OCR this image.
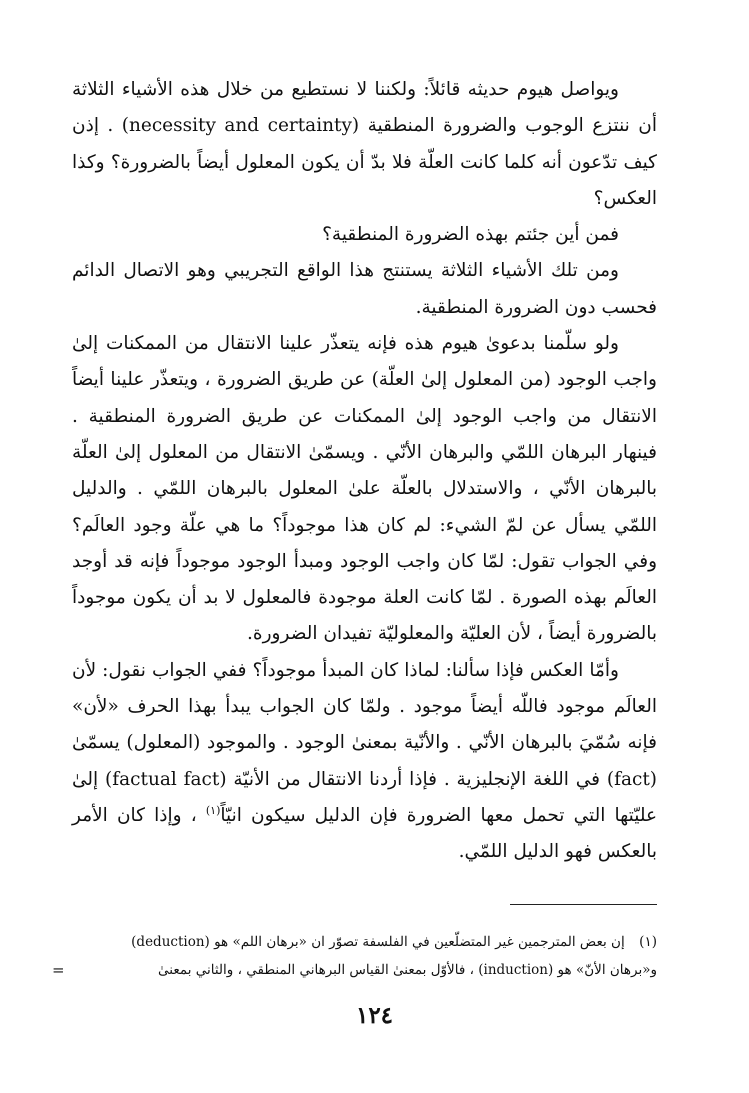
ويواصل هيوم حديثه قائلاً: ولكننا لا نستطيع من خلال هذه الأشياء الثلاثة أن ننتزع الوجوب والضرورة المنطقية (necessity and certainty) . إذن كيف تدّعون أنه كلما كانت العلّة فلا بدّ أن يكون المعلول أيضاً بالضرورة؟ وكذا العكس؟

فمن أين جئتم بهذه الضرورة المنطقية؟

ومن تلك الأشياء الثلاثة يستنتج هذا الواقع التجريبي وهو الاتصال الدائم فحسب دون الضرورة المنطقية.

ولو سلّمنا بدعوىٰ هيوم هذه فإنه يتعذّر علينا الانتقال من الممكنات إلىٰ واجب الوجود (من المعلول إلىٰ العلّة) عن طريق الضرورة ، ويتعذّر علينا أيضاً الانتقال من واجب الوجود إلىٰ الممكنات عن طريق الضرورة المنطقية . فينهار البرهان اللمّي والبرهان الأنّي . ويسمّىٰ الانتقال من المعلول إلىٰ العلّة بالبرهان الأنّي ، والاستدلال بالعلّة علىٰ المعلول بالبرهان اللمّي . والدليل اللمّي يسأل عن لمّ الشيء: لم كان هذا موجوداً؟ ما هي علّة وجود العالَم؟ وفي الجواب تقول: لمّا كان واجب الوجود ومبدأ الوجود موجوداً فإنه قد أوجد العالَم بهذه الصورة . لمّا كانت العلة موجودة فالمعلول لا بد أن يكون موجوداً بالضرورة أيضاً ، لأن العليّة والمعلوليّة تفيدان الضرورة.

وأمّا العكس فإذا سألنا: لماذا كان المبدأ موجوداً؟ ففي الجواب نقول: لأن العالَم موجود فاللّه أيضاً موجود . ولمّا كان الجواب يبدأ بهذا الحرف «لأن» فإنه سُمّيَ بالبرهان الأنّي . والأنّية بمعنىٰ الوجود . والموجود (المعلول) يسمّىٰ (fact) في اللغة الإنجليزية . فإذا أردنا الانتقال من الأنيّة (factual fact) إلىٰ عليّتها التي تحمل معها الضرورة فإن الدليل سيكون انيّاً$^{(١)}$ ، وإذا كان الأمر بالعكس فهو الدليل اللمّي.

(١) إن بعض المترجمين غير المتضلّعين في الفلسفة تصوّر ان «برهان اللم» هو (deduction)

و«برهان الأنّ» هو (induction) ، فالأوّل بمعنىٰ القياس البرهاني المنطقي ، والثاني بمعنىٰ

=
١٢٤
